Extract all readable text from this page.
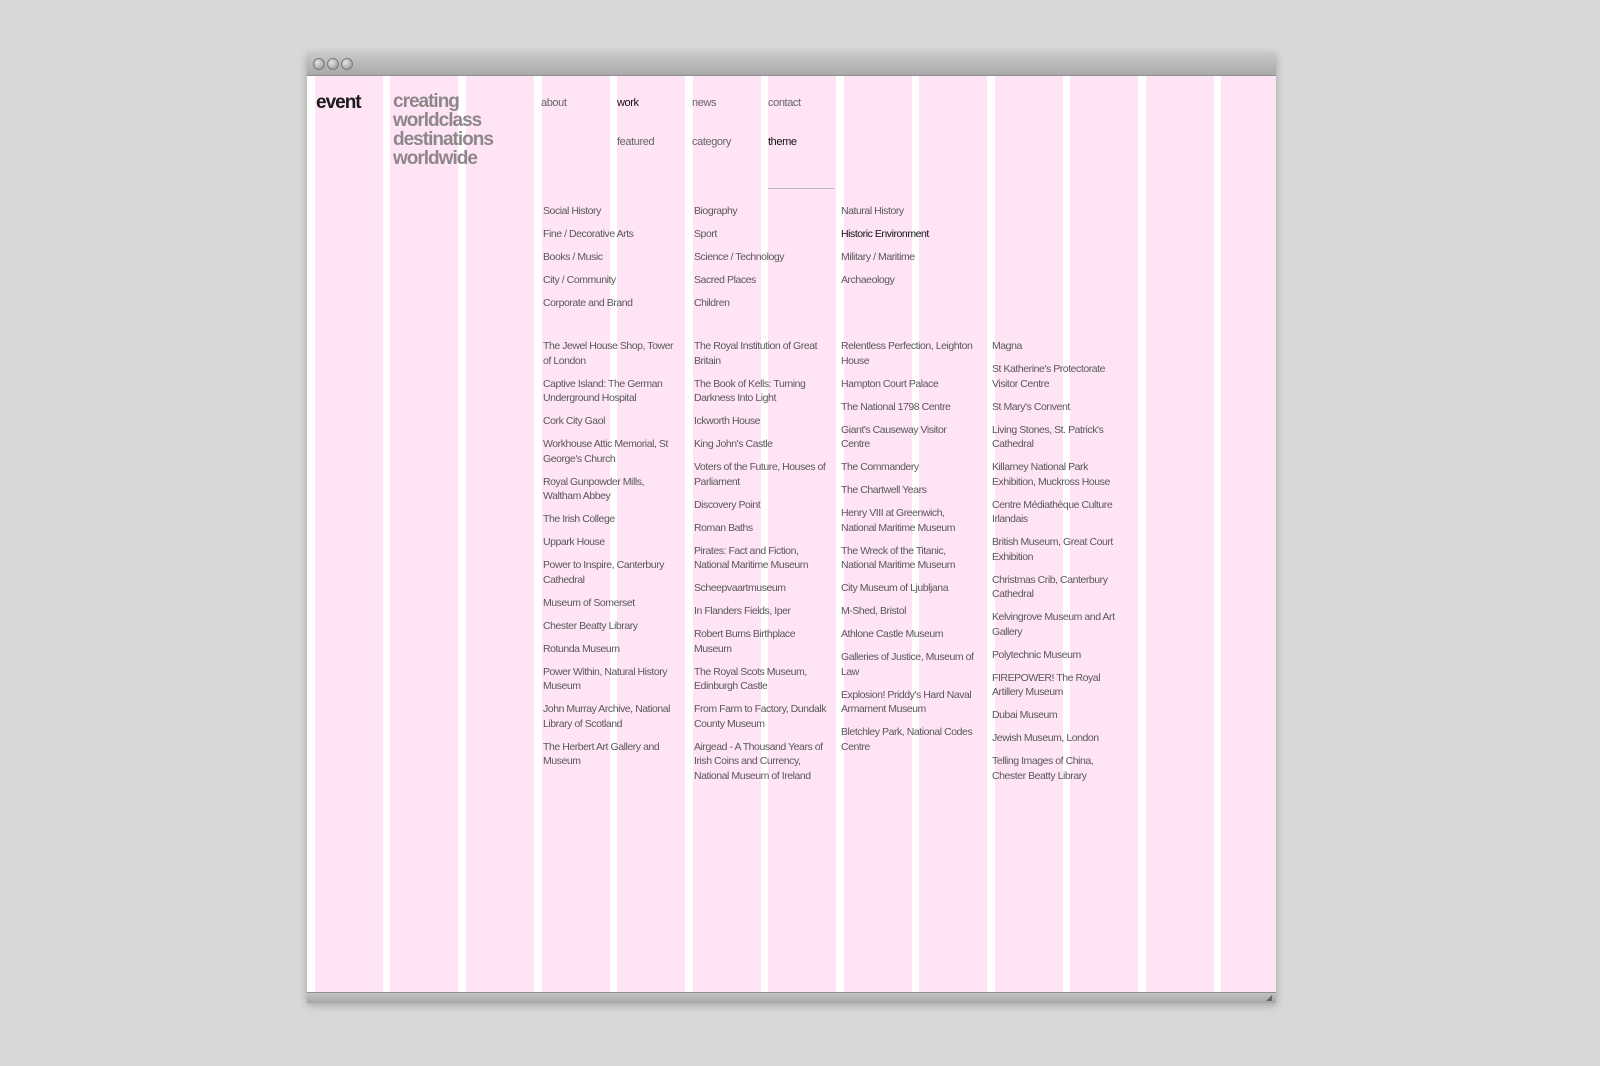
event creating worldclass destinations worldwide
about	work	news	contact
featured	category	theme
Social History
Fine / Decorative Arts
Books / Music
City / Community
Corporate and Brand
Biography
Sport
Science / Technology
Sacred Places
Children
Natural History
Historic Environment
Military / Maritime
Archaeology
The Jewel House Shop, Tower of London
Captive Island: The German Underground Hospital
Cork City Gaol
Workhouse Attic Memorial, St George's Church
Royal Gunpowder Mills, Waltham Abbey
The Irish College
Uppark House
Power to Inspire, Canterbury Cathedral
Museum of Somerset
Chester Beatty Library
Rotunda Museum
Power Within, Natural History Museum
John Murray Archive, National Library of Scotland
The Herbert Art Gallery and Museum
The Royal Institution of Great Britain
The Book of Kells: Turning Darkness Into Light
Ickworth House
King John's Castle
Voters of the Future, Houses of Parliament
Discovery Point
Roman Baths
Pirates: Fact and Fiction, National Maritime Museum
Scheepvaartmuseum
In Flanders Fields, Iper
Robert Burns Birthplace Museum
The Royal Scots Museum, Edinburgh Castle
From Farm to Factory, Dundalk County Museum
Airgead - A Thousand Years of Irish Coins and Currency, National Museum of Ireland
Relentless Perfection, Leighton House
Hampton Court Palace
The National 1798 Centre
Giant's Causeway Visitor Centre
The Commandery
The Chartwell Years
Henry VIII at Greenwich, National Maritime Museum
The Wreck of the Titanic, National Maritime Museum
City Museum of Ljubljana
M-Shed, Bristol
Athlone Castle Museum
Galleries of Justice, Museum of Law
Explosion! Priddy's Hard Naval Armament Museum
Bletchley Park, National Codes Centre
Magna
St Katherine's Protectorate Visitor Centre
St Mary's Convent
Living Stones, St. Patrick's Cathedral
Killarney National Park Exhibition, Muckross House
Centre Médiathèque Culture Irlandais
British Museum, Great Court Exhibition
Christmas Crib, Canterbury Cathedral
Kelvingrove Museum and Art Gallery
Polytechnic Museum
FIREPOWER! The Royal Artillery Museum
Dubai Museum
Jewish Museum, London
Telling Images of China, Chester Beatty Library
◢
